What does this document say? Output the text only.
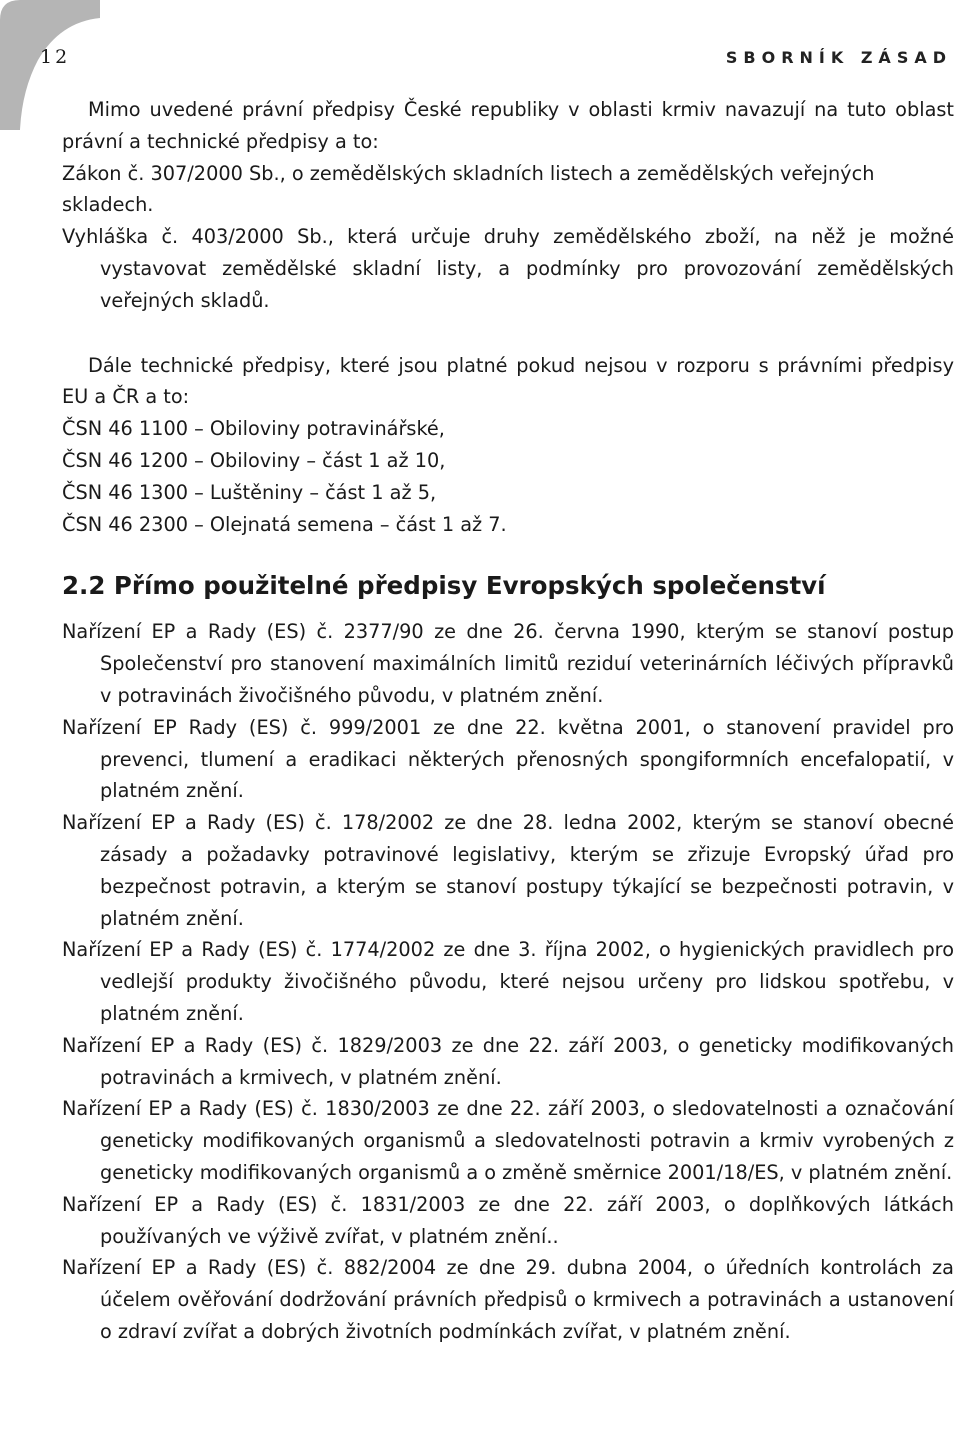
12	SBORNÍK ZÁSAD

Mimo uvedené právní předpisy České republiky v oblasti krmiv navazují na tuto oblast právní a technické předpisy a to:

Zákon č. 307/2000 Sb., o zemědělských skladních listech a zemědělských veřejných skladech.

Vyhláška č. 403/2000 Sb., která určuje druhy zemědělského zboží, na něž je možné vystavovat zemědělské skladní listy, a podmínky pro provozování zemědělských veřejných skladů.

Dále technické předpisy, které jsou platné pokud nejsou v rozporu s právními předpisy EU a ČR a to:

ČSN 46 1100 – Obiloviny potravinářské,

ČSN 46 1200 – Obiloviny – část 1 až 10,

ČSN 46 1300 – Luštěniny – část 1 až 5,

ČSN 46 2300 – Olejnatá semena – část 1 až 7.

2.2 Přímo použitelné předpisy Evropských společenství

Nařízení EP a Rady (ES) č. 2377/90 ze dne 26. června 1990, kterým se stanoví postup Společenství pro stanovení maximálních limitů reziduí veterinárních léčivých přípravků v potravinách živočišného původu, v platném znění.

Nařízení EP Rady (ES) č. 999/2001 ze dne 22. května 2001, o stanovení pravidel pro prevenci, tlumení a eradikaci některých přenosných spongiformních encefalopatií, v platném znění.

Nařízení EP a Rady (ES) č. 178/2002 ze dne 28. ledna 2002, kterým se stanoví obecné zásady a požadavky potravinové legislativy, kterým se zřizuje Evropský úřad pro bezpečnost potravin, a kterým se stanoví postupy týkající se bezpečnosti potravin, v platném znění.

Nařízení EP a Rady (ES) č. 1774/2002 ze dne 3. října 2002, o hygienických pravidlech pro vedlejší produkty živočišného původu, které nejsou určeny pro lidskou spotřebu, v platném znění.

Nařízení EP a Rady (ES) č. 1829/2003 ze dne 22. září 2003, o geneticky modifikovaných potravinách a krmivech, v platném znění.

Nařízení EP a Rady (ES) č. 1830/2003 ze dne 22. září 2003, o sledovatelnosti a označování geneticky modifikovaných organismů a sledovatelnosti potravin a krmiv vyrobených z geneticky modifikovaných organismů a o změně směrnice 2001/18/ES, v platném znění.

Nařízení EP a Rady (ES) č. 1831/2003 ze dne 22. září 2003, o doplňkových látkách používaných ve výživě zvířat, v platném znění..

Nařízení EP a Rady (ES) č. 882/2004 ze dne 29. dubna 2004, o úředních kontrolách za účelem ověřování dodržování právních předpisů o krmivech a potravinách a ustanovení o zdraví zvířat a dobrých životních podmínkách zvířat, v platném znění.
